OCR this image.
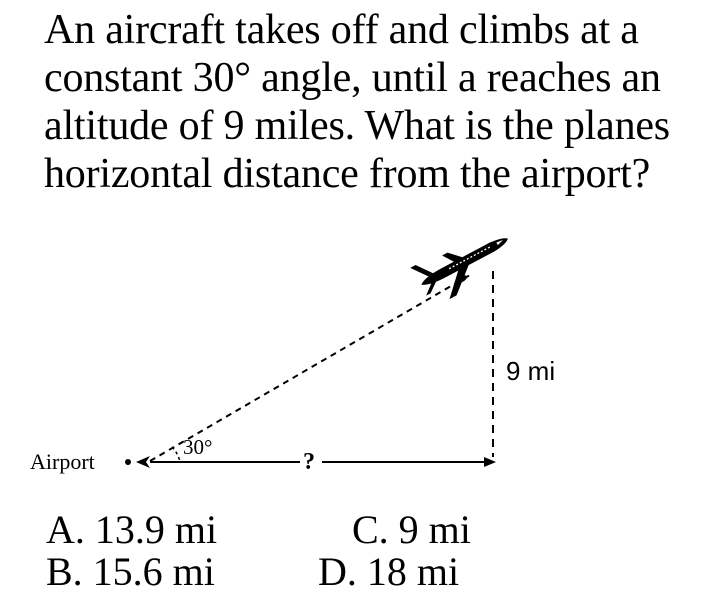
An aircraft takes off and climbs at a
constant 30° angle, until a reaches an
altitude of 9 miles. What is the planes
horizontal distance from the airport?
Airport
30°
?
9 mi
A. 13.9 mi
B. 15.6 mi
C. 9 mi
D. 18 mi
